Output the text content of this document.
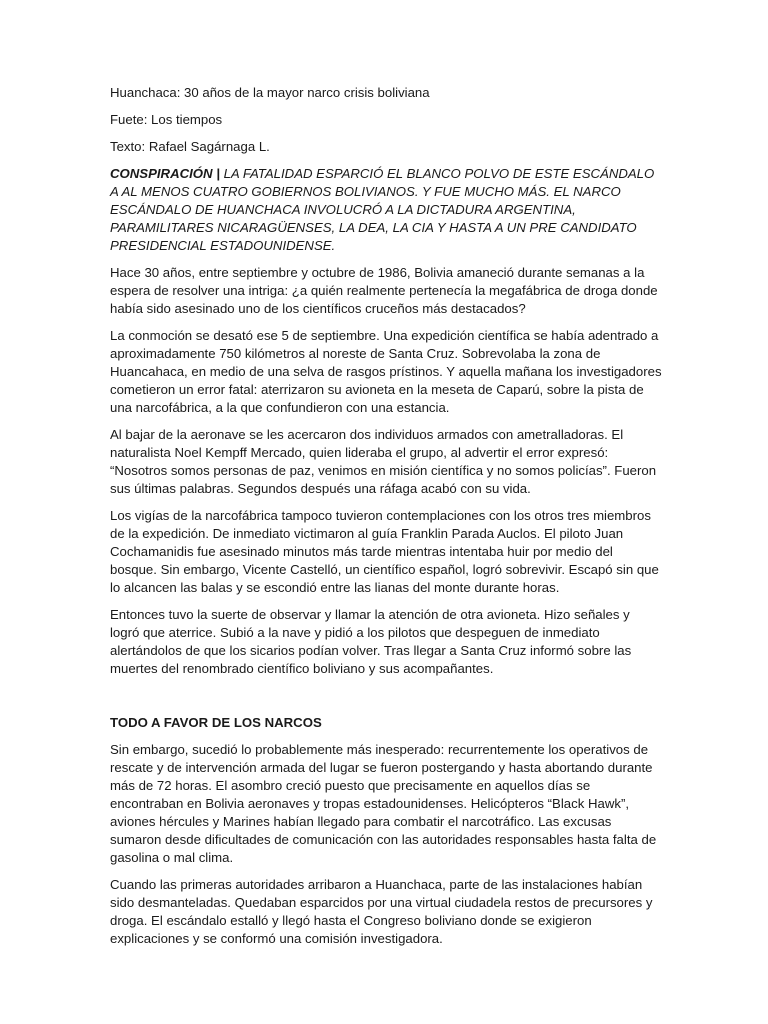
Huanchaca: 30 años de la mayor narco crisis boliviana

Fuete: Los tiempos

Texto: Rafael Sagárnaga L.

CONSPIRACIÓN | LA FATALIDAD ESPARCIÓ EL BLANCO POLVO DE ESTE ESCÁNDALO A AL MENOS CUATRO GOBIERNOS BOLIVIANOS. Y FUE MUCHO MÁS. EL NARCO ESCÁNDALO DE HUANCHACA INVOLUCRÓ A LA DICTADURA ARGENTINA, PARAMILITARES NICARAGÜENSES, LA DEA, LA CIA Y HASTA A UN PRE CANDIDATO PRESIDENCIAL ESTADOUNIDENSE.

Hace 30 años, entre septiembre y octubre de 1986, Bolivia amaneció durante semanas a la espera de resolver una intriga: ¿a quién realmente pertenecía la megafábrica de droga donde había sido asesinado uno de los científicos cruceños más destacados?

La conmoción se desató ese 5 de septiembre. Una expedición científica se había adentrado a aproximadamente 750 kilómetros al noreste de Santa Cruz. Sobrevolaba la zona de Huancahaca, en medio de una selva de rasgos prístinos. Y aquella mañana los investigadores cometieron un error fatal: aterrizaron su avioneta en la meseta de Caparú, sobre la pista de una narcofábrica, a la que confundieron con una estancia.

Al bajar de la aeronave se les acercaron dos individuos armados con ametralladoras. El naturalista Noel Kempff Mercado, quien lideraba el grupo, al advertir el error expresó: “Nosotros somos personas de paz, venimos en misión científica y no somos policías”. Fueron sus últimas palabras. Segundos después una ráfaga acabó con su vida.

Los vigías de la narcofábrica tampoco tuvieron contemplaciones con los otros tres miembros de la expedición. De inmediato victimaron al guía Franklin Parada Auclos. El piloto Juan Cochamanidis fue asesinado minutos más tarde mientras intentaba huir por medio del bosque. Sin embargo, Vicente Castelló, un científico español, logró sobrevivir. Escapó sin que lo alcancen las balas y se escondió entre las lianas del monte durante horas.

Entonces tuvo la suerte de observar y llamar la atención de otra avioneta. Hizo señales y logró que aterrice. Subió a la nave y pidió a los pilotos que despeguen de inmediato alertándolos de que los sicarios podían volver. Tras llegar a Santa Cruz informó sobre las muertes del renombrado científico boliviano y sus acompañantes.

TODO A FAVOR DE LOS NARCOS

Sin embargo, sucedió lo probablemente más inesperado: recurrentemente los operativos de rescate y de intervención armada del lugar se fueron postergando y hasta abortando durante más de 72 horas. El asombro creció puesto que precisamente en aquellos días se encontraban en Bolivia aeronaves y tropas estadounidenses. Helicópteros “Black Hawk”, aviones hércules y Marines habían llegado para combatir el narcotráfico. Las excusas sumaron desde dificultades de comunicación con las autoridades responsables hasta falta de gasolina o mal clima.

Cuando las primeras autoridades arribaron a Huanchaca, parte de las instalaciones habían sido desmanteladas. Quedaban esparcidos por una virtual ciudadela restos de precursores y droga. El escándalo estalló y llegó hasta el Congreso boliviano donde se exigieron explicaciones y se conformó una comisión investigadora.
